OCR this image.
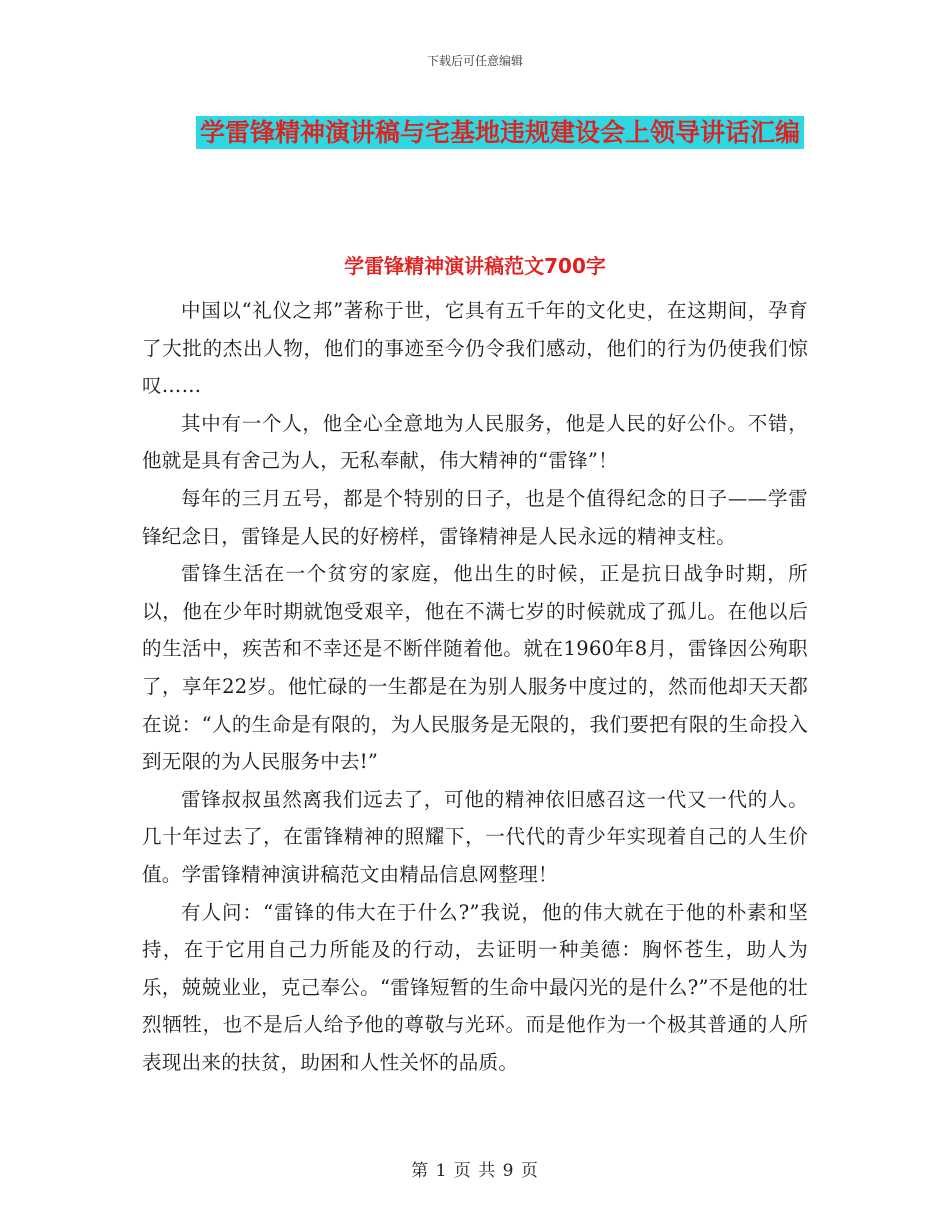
下载后可任意编辑
学雷锋精神演讲稿与宅基地违规建设会上领导讲话汇编
学雷锋精神演讲稿范文700字

中国以“礼仪之邦”著称于世，它具有五千年的文化史，在这期间，孕育了大批的杰出人物，他们的事迹至今仍令我们感动，他们的行为仍使我们惊叹……

其中有一个人，他全心全意地为人民服务，他是人民的好公仆。不错，他就是具有舍己为人，无私奉献，伟大精神的“雷锋”！

每年的三月五号，都是个特别的日子，也是个值得纪念的日子——学雷锋纪念日，雷锋是人民的好榜样，雷锋精神是人民永远的精神支柱。

雷锋生活在一个贫穷的家庭，他出生的时候，正是抗日战争时期，所以，他在少年时期就饱受艰辛，他在不满七岁的时候就成了孤儿。在他以后的生活中，疾苦和不幸还是不断伴随着他。就在1960年8月，雷锋因公殉职了，享年22岁。他忙碌的一生都是在为别人服务中度过的，然而他却天天都在说：“人的生命是有限的，为人民服务是无限的，我们要把有限的生命投入到无限的为人民服务中去!”

雷锋叔叔虽然离我们远去了，可他的精神依旧感召这一代又一代的人。几十年过去了，在雷锋精神的照耀下，一代代的青少年实现着自己的人生价值。学雷锋精神演讲稿范文由精品信息网整理！

有人问：“雷锋的伟大在于什么?”我说，他的伟大就在于他的朴素和坚持，在于它用自己力所能及的行动，去证明一种美德：胸怀苍生，助人为乐，兢兢业业，克己奉公。“雷锋短暂的生命中最闪光的是什么?”不是他的壮烈牺牲，也不是后人给予他的尊敬与光环。而是他作为一个极其普通的人所表现出来的扶贫，助困和人性关怀的品质。

第 1 页 共 9 页
